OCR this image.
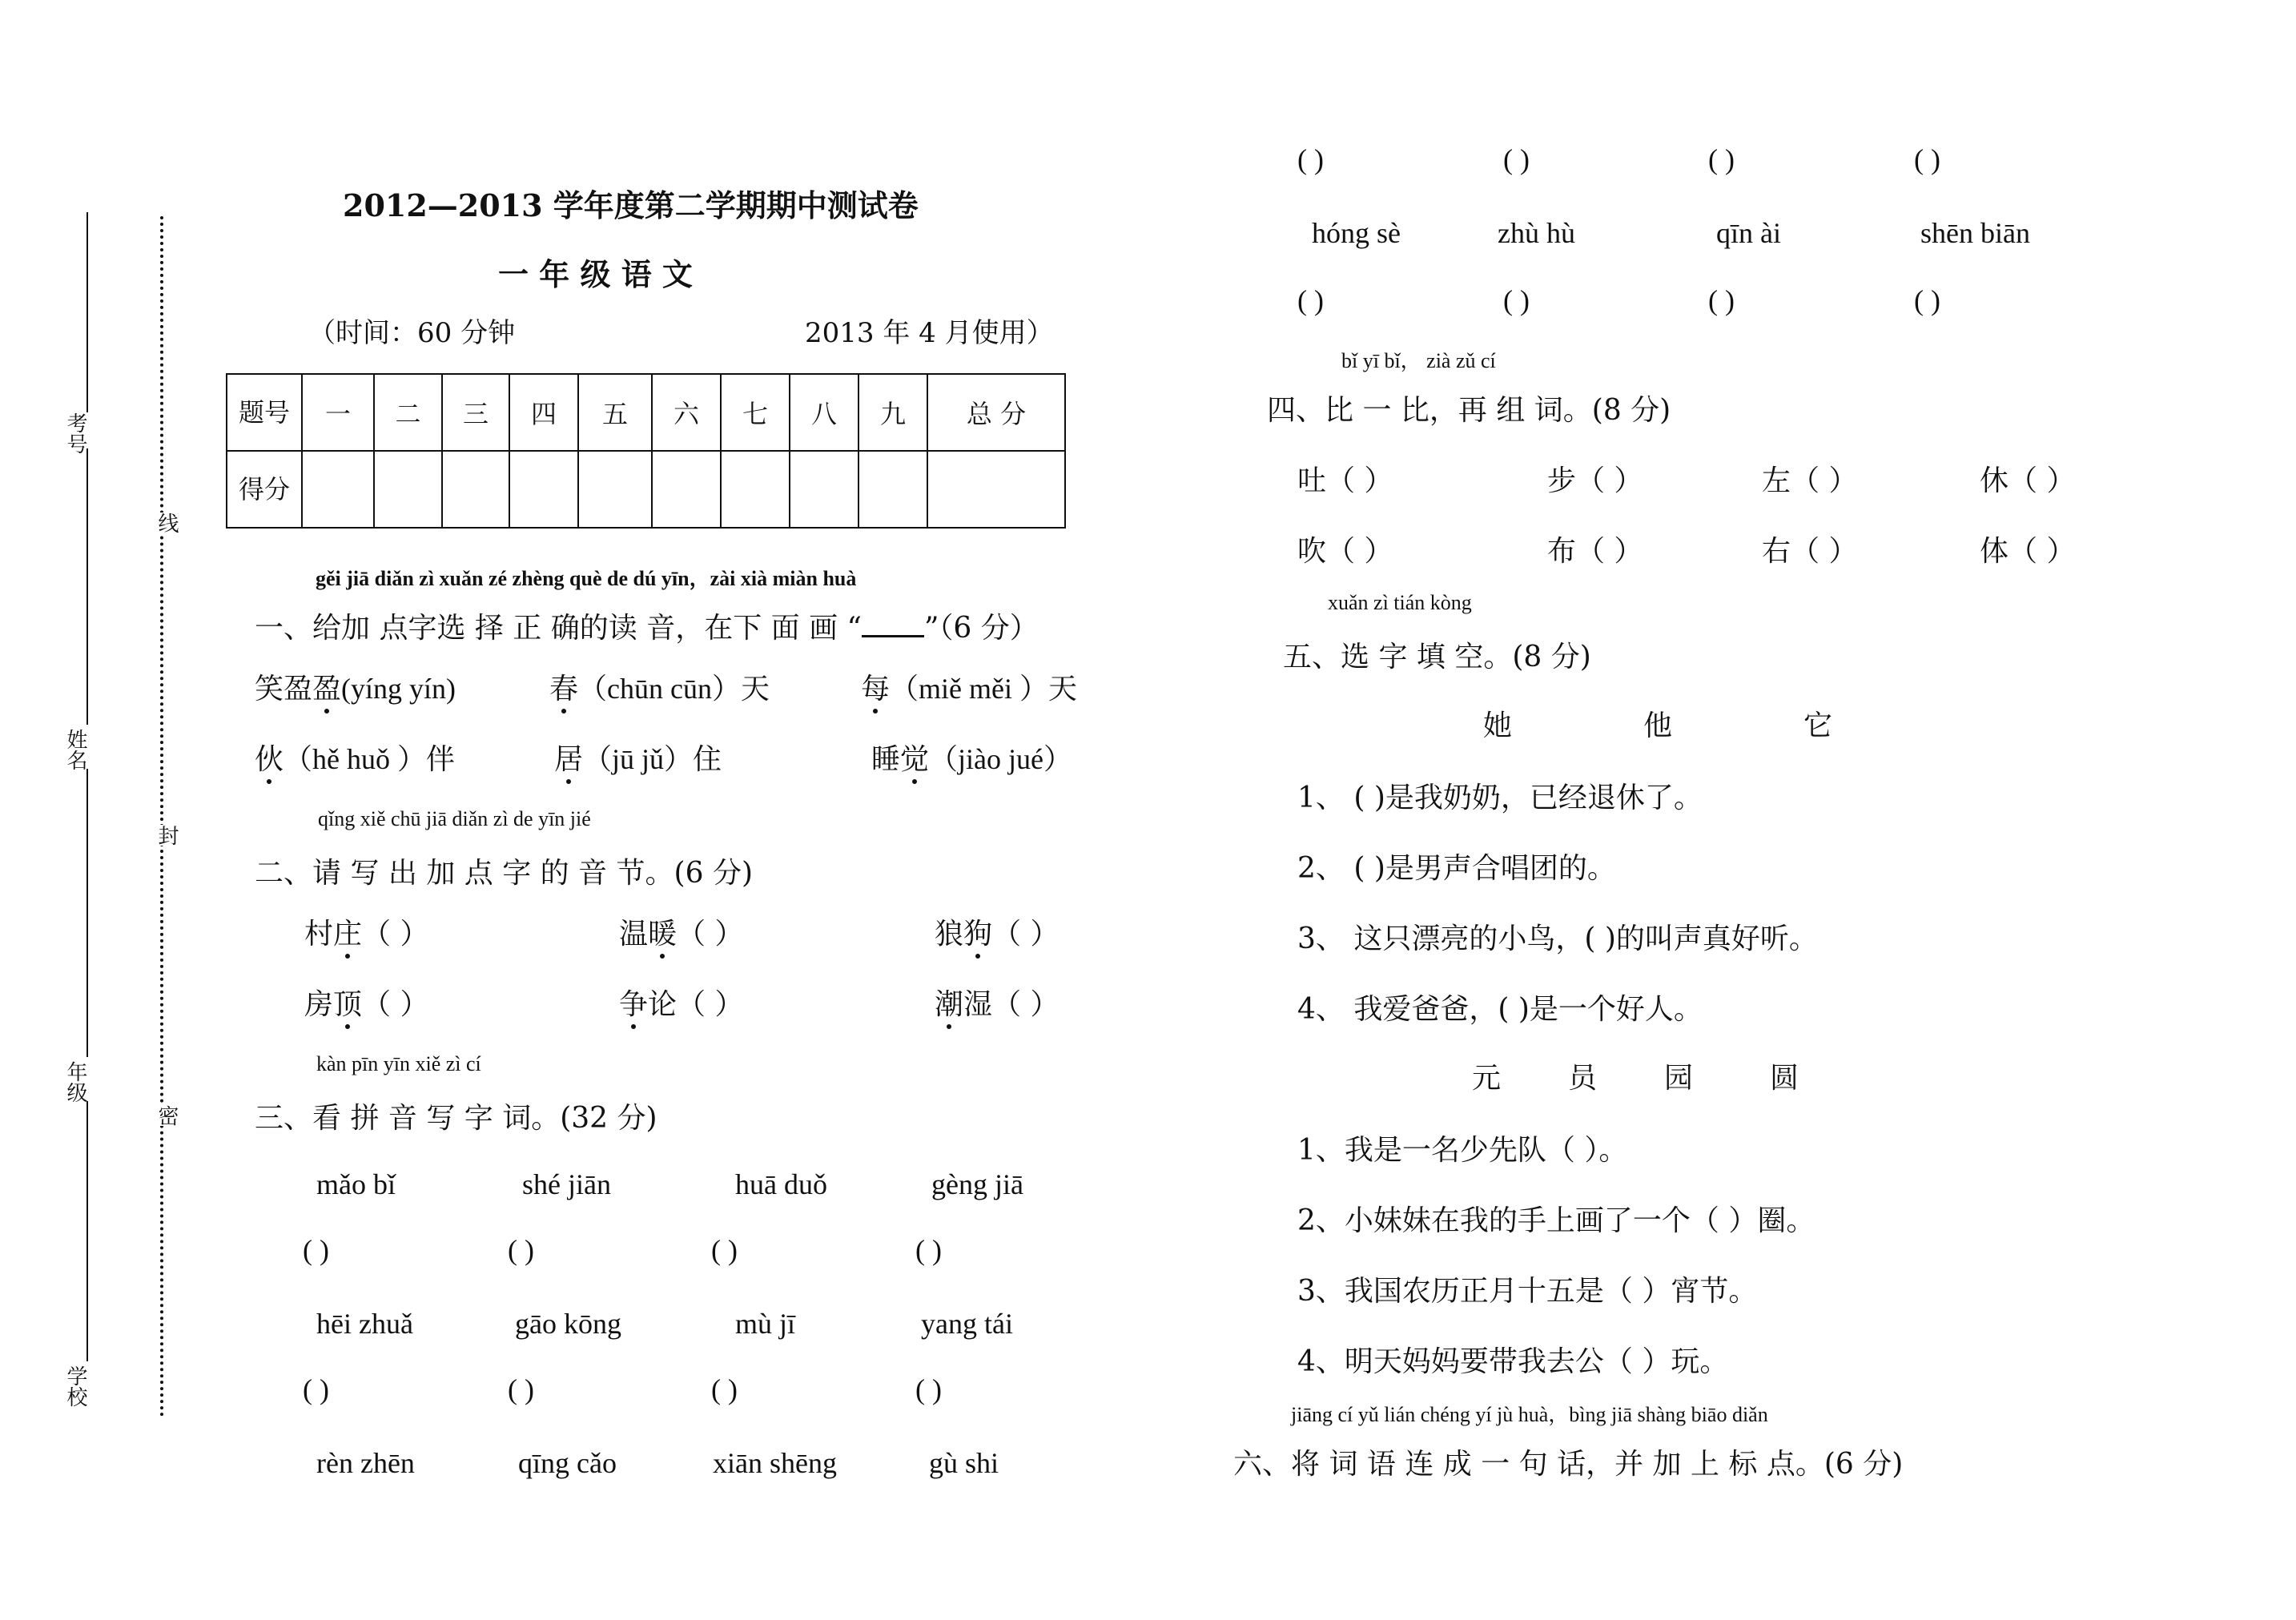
考号
姓名
年级
学校
线
封
密
2012—2013 学年度第二学期期中测试卷
一 年 级 语 文
（时间：60 分钟	2013 年 4 月使用）
题号	一	二	三	四	五	六	七	八	九	总 分
得分										
gěi jiā diǎn zì xuǎn zé zhèng què de dú yīn，zài xià miàn huà
一、给加 点字选 择 正 确的读 音，在下 面 画 “ ”（6 分）
笑盈盈(yíng yín)	春（chūn cūn）天	每（miě měi ）天
伙（hě huǒ ）伴	居（jū jǔ）住	睡觉（jiào jué）
qǐng xiě chū jiā diǎn zì de yīn jié
二、请 写 出 加 点 字 的 音 节。(6 分)
村庄（ ）	温暖（ ）	狼狗（ ）
房顶（ ）	争论（ ）	潮湿（ ）
kàn pīn yīn xiě zì cí
三、看 拼 音 写 字 词。(32 分)
mǎo bǐ	shé jiān	huā duǒ	gèng jiā
( )	( )	( )	( )
hēi zhuǎ	gāo kōng	mù jī	yang tái
( )	( )	( )	( )
rèn zhēn	qīng cǎo	xiān shēng	gù shi
( )	( )	( )	( )
hóng sè	zhù hù	qīn ài	shēn biān
( )	( )	( )	( )
bǐ yī bǐ， zià zǔ cí
四、比 一 比，再 组 词。(8 分)
吐（ ）	步（ ）	左（ ）	休（ ）
吹（ ）	布（ ）	右（ ）	体（ ）
xuǎn zì tián kòng
五、选 字 填 空。(8 分)
她	他	它
1、 ( )是我奶奶，已经退休了。
2、 ( )是男声合唱团的。
3、 这只漂亮的小鸟，( )的叫声真好听。
4、 我爱爸爸，( )是一个好人。
元 员 园	圆
1、我是一名少先队（ ）。
2、小妹妹在我的手上画了一个（ ）圈。
3、我国农历正月十五是（ ）宵节。
4、明天妈妈要带我去公（ ）玩。
jiāng cí yǔ lián chéng yí jù huà，bìng jiā shàng biāo diǎn
六、将 词 语 连 成 一 句 话，并 加 上 标 点。(6 分)
